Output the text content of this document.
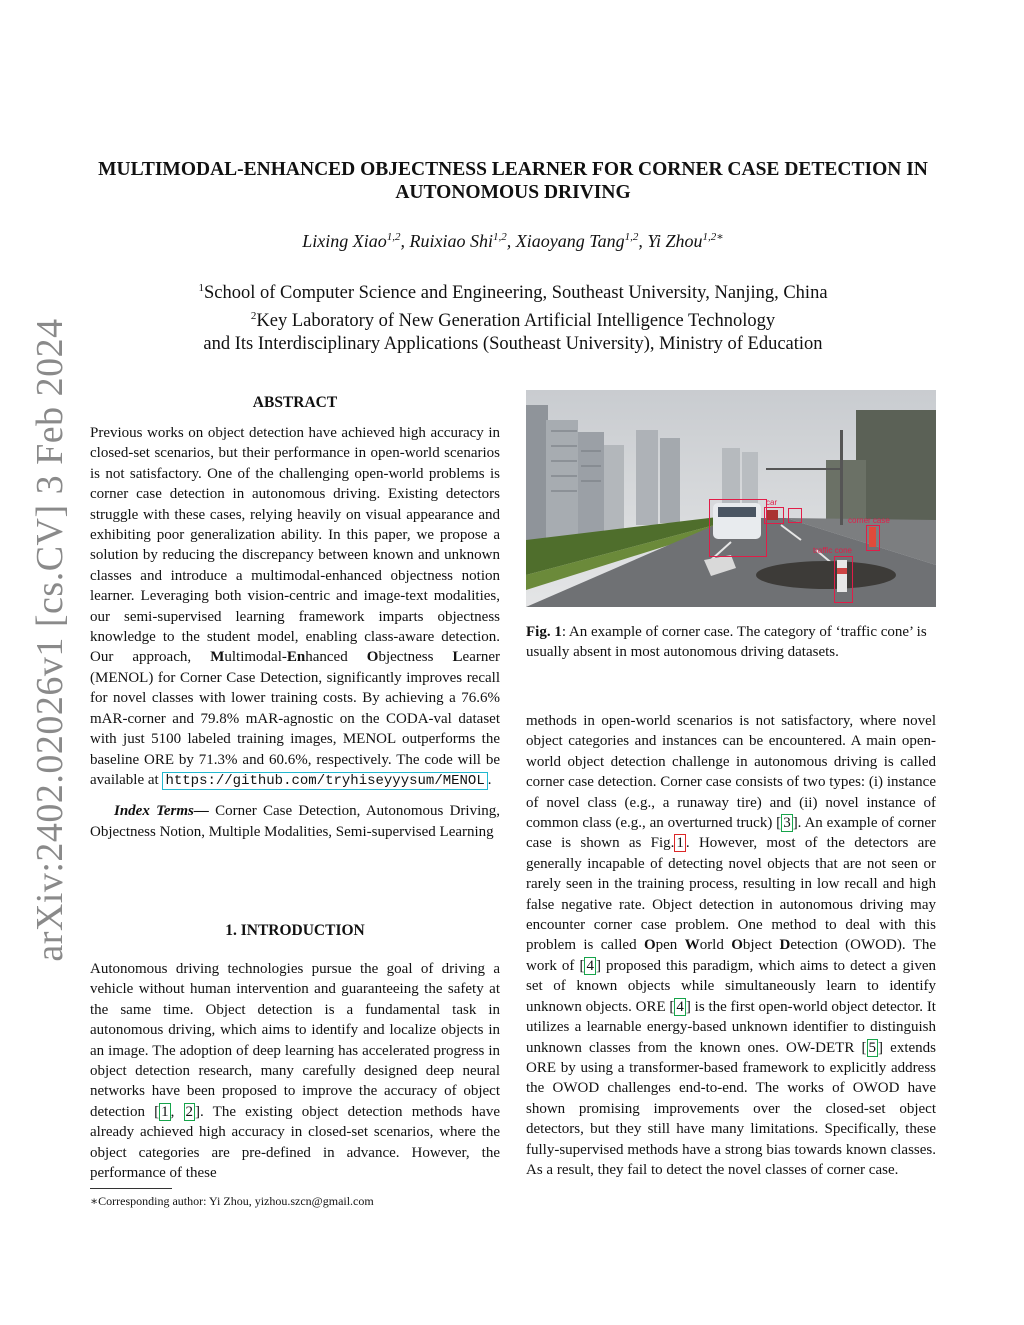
arXiv:2402.02026v1 [cs.CV] 3 Feb 2024
MULTIMODAL-ENHANCED OBJECTNESS LEARNER FOR CORNER CASE DETECTION IN AUTONOMOUS DRIVING
Lixing Xiao$^{1,2}$, Ruixiao Shi$^{1,2}$, Xiaoyang Tang$^{1,2}$, Yi Zhou$^{1,2∗}$
$^1$School of Computer Science and Engineering, Southeast University, Nanjing, China
$^2$Key Laboratory of New Generation Artificial Intelligence Technology
and Its Interdisciplinary Applications (Southeast University), Ministry of Education
ABSTRACT

Previous works on object detection have achieved high accuracy in closed-set scenarios, but their performance in open-world scenarios is not satisfactory. One of the challenging open-world problems is corner case detection in autonomous driving. Existing detectors struggle with these cases, relying heavily on visual appearance and exhibiting poor generalization ability. In this paper, we propose a solution by reducing the discrepancy between known and unknown classes and introduce a multimodal-enhanced objectness notion learner. Leveraging both vision-centric and image-text modalities, our semi-supervised learning framework imparts objectness knowledge to the student model, enabling class-aware detection. Our approach, Multimodal-Enhanced Objectness Learner (MENOL) for Corner Case Detection, significantly improves recall for novel classes with lower training costs. By achieving a 76.6% mAR-corner and 79.8% mAR-agnostic on the CODA-val dataset with just 5100 labeled training images, MENOL outperforms the baseline ORE by 71.3% and 60.6%, respectively. The code will be available at https://github.com/tryhiseyyysum/MENOL .

Index Terms— Corner Case Detection, Autonomous Driving, Objectness Notion, Multiple Modalities, Semi-supervised Learning

1. INTRODUCTION

Autonomous driving technologies pursue the goal of driving a vehicle without human intervention and guaranteeing the safety at the same time. Object detection is a fundamental task in autonomous driving, which aims to identify and localize objects in an image. The adoption of deep learning has accelerated progress in object detection research, many carefully designed deep neural networks have been proposed to improve the accuracy of object detection [ 1 , 2 ]. The existing object detection methods have already achieved high accuracy in closed-set scenarios, where the object categories are pre-defined in advance. However, the performance of these

∗Corresponding author: Yi Zhou, yizhou.szcn@gmail.com
car
corner case
traffic cone
Fig. 1: An example of corner case. The category of ‘traffic cone’ is usually absent in most autonomous driving datasets.

methods in open-world scenarios is not satisfactory, where novel object categories and instances can be encountered. A main open-world object detection challenge in autonomous driving is called corner case detection. Corner case consists of two types: (i) instance of novel class (e.g., a runaway tire) and (ii) novel instance of common class (e.g., an overturned truck) [ 3 ]. An example of corner case is shown as Fig. 1 . However, most of the detectors are generally incapable of detecting novel objects that are not seen or rarely seen in the training process, resulting in low recall and high false negative rate. Object detection in autonomous driving may encounter corner case problem. One method to deal with this problem is called Open World Object Detection (OWOD). The work of [ 4 ] proposed this paradigm, which aims to detect a given set of known objects while simultaneously learn to identify unknown objects. ORE [ 4 ] is the first open-world object detector. It utilizes a learnable energy-based unknown identifier to distinguish unknown classes from the known ones. OW-DETR [ 5 ] extends ORE by using a transformer-based framework to explicitly address the OWOD challenges end-to-end. The works of OWOD have shown promising improvements over the closed-set object detectors, but they still have many limitations. Specifically, these fully-supervised methods have a strong bias towards known classes. As a result, they fail to detect the novel classes of corner case.
